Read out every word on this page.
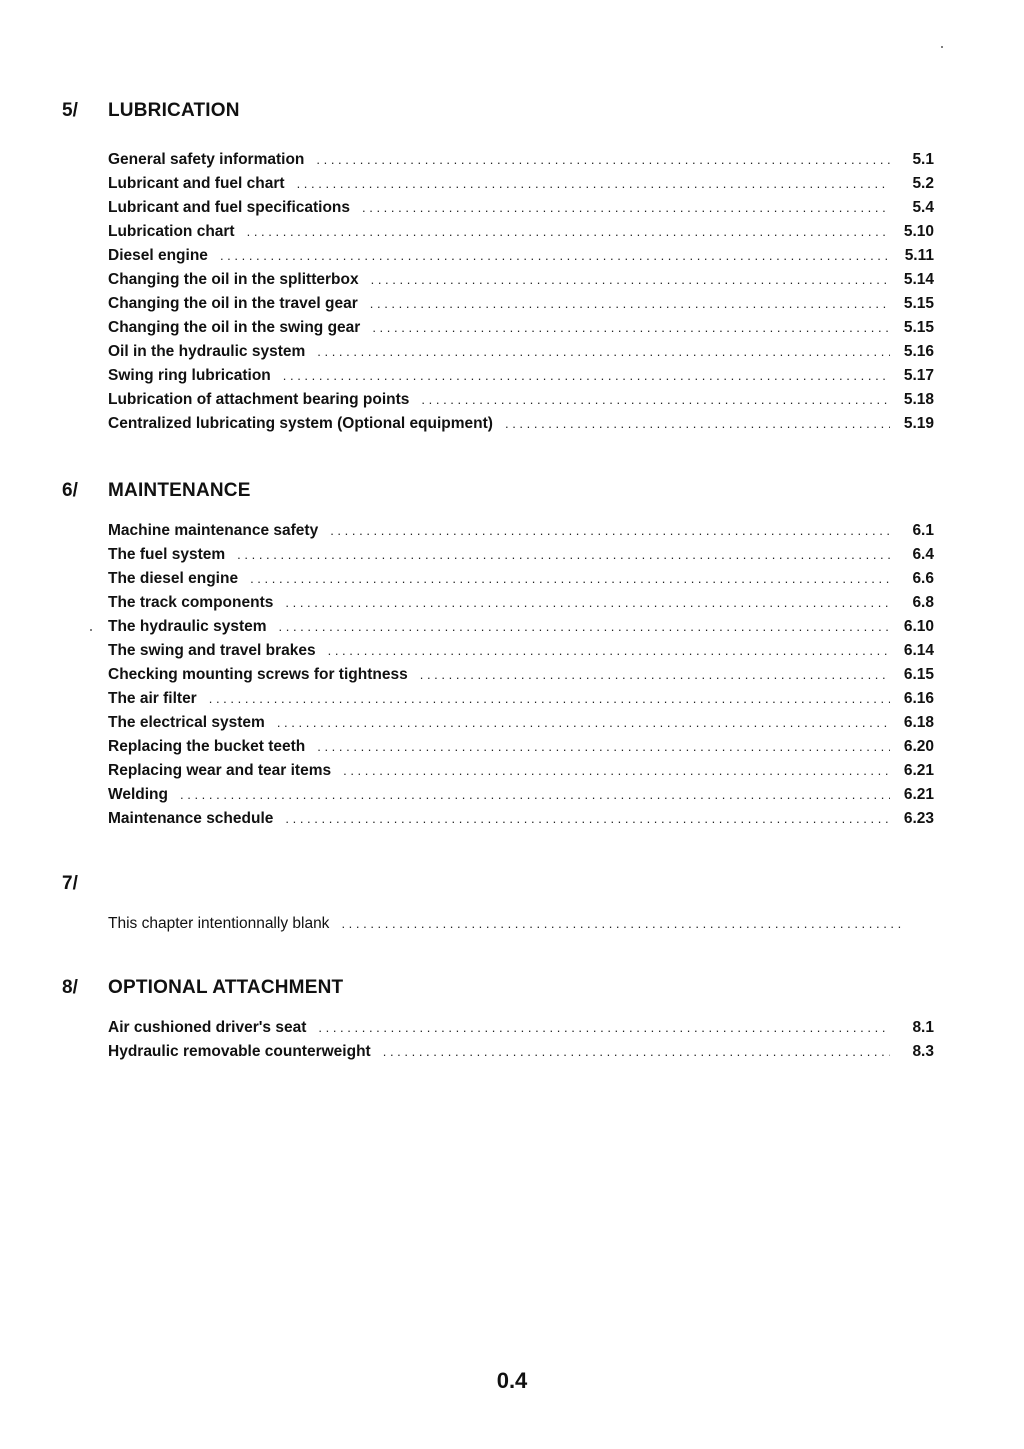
5/ LUBRICATION
General safety information . . .	5.1
Lubricant and fuel chart . . .	5.2
Lubricant and fuel specifications . . .	5.4
Lubrication chart . . .	5.10
Diesel engine . . .	5.11
Changing the oil in the splitterbox . . .	5.14
Changing the oil in the travel gear . . .	5.15
Changing the oil in the swing gear . . .	5.15
Oil in the hydraulic system . . .	5.16
Swing ring lubrication . . .	5.17
Lubrication of attachment bearing points . . .	5.18
Centralized lubricating system (Optional equipment) . . .	5.19
6/ MAINTENANCE
Machine maintenance safety . . .	6.1
The fuel system . . .	6.4
The diesel engine . . .	6.6
The track components . . .	6.8
The hydraulic system . . .	6.10
The swing and travel brakes . . .	6.14
Checking mounting screws for tightness . . .	6.15
The air filter . . .	6.16
The electrical system . . .	6.18
Replacing the bucket teeth . . .	6.20
Replacing wear and tear items . . .	6.21
Welding . . .	6.21
Maintenance schedule . . .	6.23
7/
This chapter intentionnally blank
. . .
8/ OPTIONAL ATTACHMENT
Air cushioned driver's seat . . .	8.1
Hydraulic removable counterweight . . .	8.3
0.4
